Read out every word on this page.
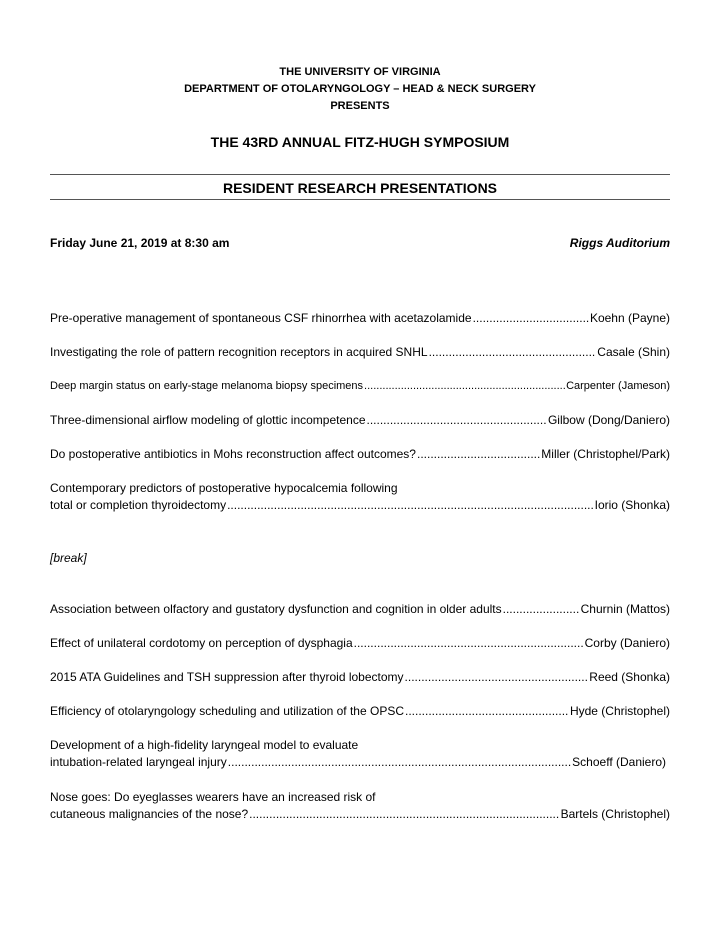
THE UNIVERSITY OF VIRGINIA
DEPARTMENT OF OTOLARYNGOLOGY – HEAD & NECK SURGERY
PRESENTS
THE 43RD ANNUAL FITZ-HUGH SYMPOSIUM
RESIDENT RESEARCH PRESENTATIONS
Friday June 21, 2019 at 8:30 am	Riggs Auditorium
Pre-operative management of spontaneous CSF rhinorrhea with acetazolamide .....	Koehn (Payne)
Investigating the role of pattern recognition receptors in acquired SNHL .....	Casale (Shin)
Deep margin status on early-stage melanoma biopsy specimens .....	Carpenter (Jameson)
Three-dimensional airflow modeling of glottic incompetence .....	Gilbow (Dong/Daniero)
Do postoperative antibiotics in Mohs reconstruction affect outcomes? .....	Miller (Christophel/Park)
Contemporary predictors of postoperative hypocalcemia following
total or completion thyroidectomy .....	Iorio (Shonka)
[break]
Association between olfactory and gustatory dysfunction and cognition in older adults .....	Churnin (Mattos)
Effect of unilateral cordotomy on perception of dysphagia .....	Corby (Daniero)
2015 ATA Guidelines and TSH suppression after thyroid lobectomy .....	Reed (Shonka)
Efficiency of otolaryngology scheduling and utilization of the OPSC .....	Hyde (Christophel)
Development of a high-fidelity laryngeal model to evaluate
intubation-related laryngeal injury .....	Schoeff (Daniero)
Nose goes: Do eyeglasses wearers have an increased risk of
cutaneous malignancies of the nose? .....	Bartels (Christophel)
